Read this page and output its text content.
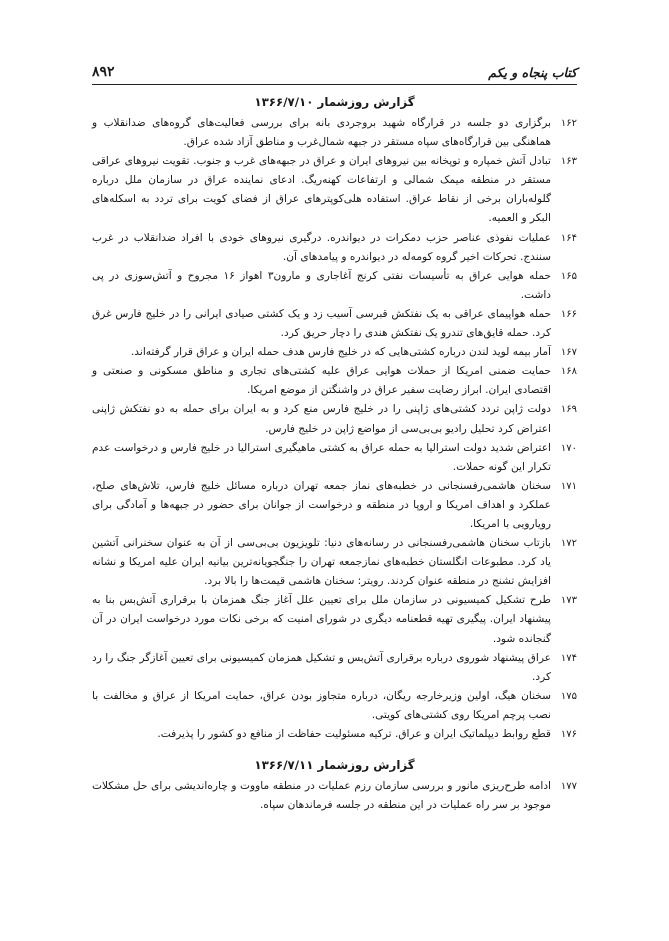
کتاب پنجاه و یکم
۸۹۲
گزارش روزشمار ۱۳۶۶/۷/۱۰
۱۶۲
برگزاری دو جلسه در قرارگاه شهید بروجردی بانه برای بررسی فعالیت‌های گروه‌های ضدانقلاب و هماهنگی بین قرارگاه‌های سپاه مستقر در جبهه شمال‌غرب و مناطق آزاد شده عراق.
۱۶۳
تبادل آتش خمپاره و توپخانه بین نیروهای ایران و عراق در جبهه‌های غرب و جنوب. تقویت نیروهای عراقی مستقر در منطقه میمک شمالی و ارتفاعات کهنه‌ریگ. ادعای نماینده عراق در سازمان ملل درباره گلوله‌باران برخی از نقاط عراق. استفاده هلی‌کوپترهای عراق از فضای کویت برای تردد به اسکله‌های البکر و العمیه.
۱۶۴
عملیات نفوذی عناصر حزب دمکرات در دیواندره. درگیری نیروهای خودی با افراد ضدانقلاب در غرب سنندج. تحرکات اخیر گروه کومه‌له در دیواندره و پیامدهای آن.
۱۶۵
حمله هوایی عراق به تأسیسات نفتی کرنج آغاجاری و مارون۳ اهواز ۱۶ مجروح و آتش‌سوزی در پی داشت.
۱۶۶
حمله هواپیمای عراقی به یک نفتکش قبرسی آسیب زد و یک کشتی صیادی ایرانی را در خلیج فارس غرق کرد. حمله قایق‌های تندرو یک نفتکش هندی را دچار حریق کرد.
۱۶۷
آمار بیمه لوید لندن درباره کشتی‌هایی که در خلیج فارس هدف حمله ایران و عراق قرار گرفته‌اند.
۱۶۸
حمایت ضمنی امریکا از حملات هوایی عراق علیه کشتی‌های تجاری و مناطق مسکونی و صنعتی و اقتصادی ایران. ابراز رضایت سفیر عراق در واشنگتن از موضع امریکا.
۱۶۹
دولت ژاپن تردد کشتی‌های ژاپنی را در خلیج فارس منع کرد و به ایران برای حمله به دو نفتکش ژاپنی اعتراض کرد تحلیل رادیو بی‌بی‌سی از مواضع ژاپن در خلیج فارس.
۱۷۰
اعتراض شدید دولت استرالیا به حمله عراق به کشتی ماهیگیری استرالیا در خلیج فارس و درخواست عدم تکرار این گونه حملات.
۱۷۱
سخنان هاشمی‌رفسنجانی در خطبه‌های نماز جمعه تهران درباره مسائل خلیج فارس، تلاش‌های صلح، عملکرد و اهداف امریکا و اروپا در منطقه و درخواست از جوانان برای حضور در جبهه‌ها و آمادگی برای رویارویی با امریکا.
۱۷۲
بازتاب سخنان هاشمی‌رفسنجانی در رسانه‌های دنیا: تلویزیون بی‌بی‌سی از آن به عنوان سخنرانی آتشین یاد کرد. مطبوعات انگلستان خطبه‌های نمازجمعه تهران را جنگجویانه‌ترین بیانیه ایران علیه امریکا و نشانه افزایش تشنج در منطقه عنوان کردند. رویتر: سخنان هاشمی قیمت‌ها را بالا برد.
۱۷۳
طرح تشکیل کمیسیونی در سازمان ملل برای تعیین علل آغاز جنگ همزمان با برقراری آتش‌بس بنا به پیشنهاد ایران. پیگیری تهیه قطعنامه دیگری در شورای امنیت که برخی نکات مورد درخواست ایران در آن گنجانده شود.
۱۷۴
عراق پیشنهاد شوروی درباره برقراری آتش‌بس و تشکیل همزمان کمیسیونی برای تعیین آغازگر جنگ را رد کرد.
۱۷۵
سخنان هیگ، اولین وزیرخارجه ریگان، درباره متجاوز بودن عراق، حمایت امریکا از عراق و مخالفت با نصب پرچم امریکا روی کشتی‌های کویتی.
۱۷۶
قطع روابط دیپلماتیک ایران و عراق. ترکیه مسئولیت حفاظت از منافع دو کشور را پذیرفت.
گزارش روزشمار ۱۳۶۶/۷/۱۱
۱۷۷
ادامه طرح‌ریزی مانور و بررسی سازمان رزم عملیات در منطقه ماووت و چاره‌اندیشی برای حل مشکلات موجود بر سر راه عملیات در این منطقه در جلسه فرماندهان سپاه.
